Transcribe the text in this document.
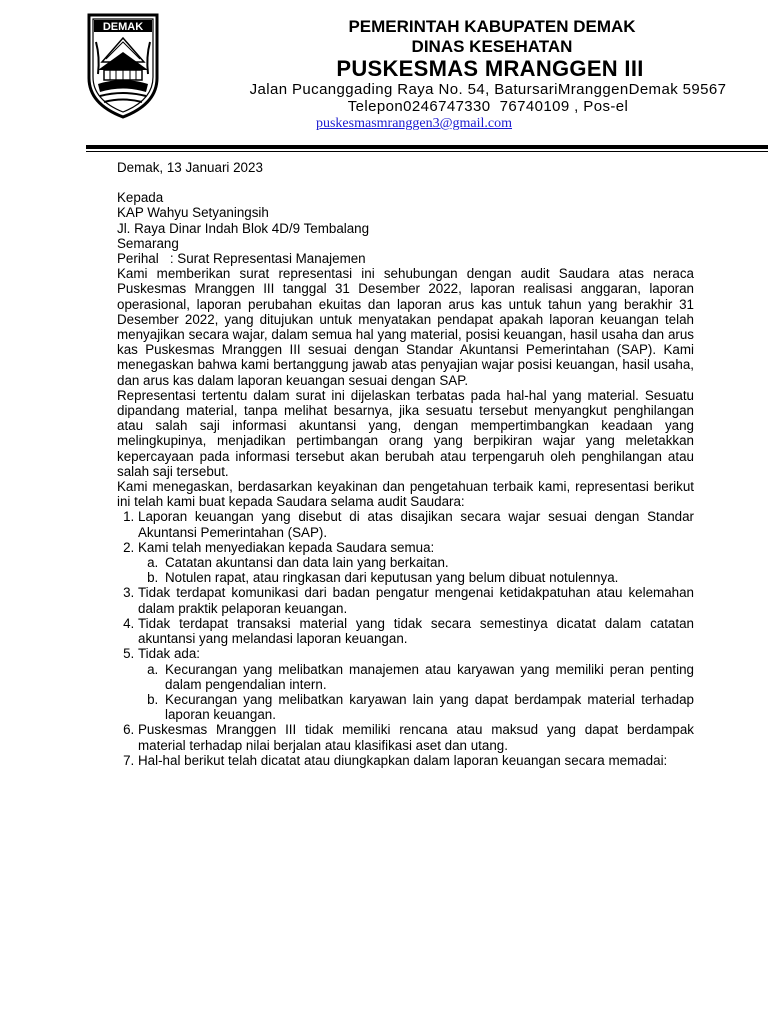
DEMAK	PEMERINTAH KABUPATEN DEMAK
DINAS KESEHATAN
PUSKESMAS MRANGGEN III
Jalan Pucanggading Raya No. 54, BatursariMranggenDemak 59567
Telepon0246747330  76740109 , Pos-el
puskesmasmranggen3@gmail.com

Demak, 13 Januari 2023

Kepada

KAP Wahyu Setyaningsih

Jl. Raya Dinar Indah Blok 4D/9 Tembalang

Semarang

Perihal : Surat Representasi Manajemen

Kami memberikan surat representasi ini sehubungan dengan audit Saudara atas neraca Puskesmas Mranggen III tanggal 31 Desember 2022, laporan realisasi anggaran, laporan operasional, laporan perubahan ekuitas dan laporan arus kas untuk tahun yang berakhir 31 Desember 2022, yang ditujukan untuk menyatakan pendapat apakah laporan keuangan telah menyajikan secara wajar, dalam semua hal yang material, posisi keuangan, hasil usaha dan arus kas Puskesmas Mranggen III sesuai dengan Standar Akuntansi Pemerintahan (SAP). Kami menegaskan bahwa kami bertanggung jawab atas penyajian wajar posisi keuangan, hasil usaha, dan arus kas dalam laporan keuangan sesuai dengan SAP.

Representasi tertentu dalam surat ini dijelaskan terbatas pada hal-hal yang material. Sesuatu dipandang material, tanpa melihat besarnya, jika sesuatu tersebut menyangkut penghilangan atau salah saji informasi akuntansi yang, dengan mempertimbangkan keadaan yang melingkupinya, menjadikan pertimbangan orang yang berpikiran wajar yang meletakkan kepercayaan pada informasi tersebut akan berubah atau terpengaruh oleh penghilangan atau salah saji tersebut.

Kami menegaskan, berdasarkan keyakinan dan pengetahuan terbaik kami, representasi berikut ini telah kami buat kepada Saudara selama audit Saudara:

1. Laporan keuangan yang disebut di atas disajikan secara wajar sesuai dengan Standar Akuntansi Pemerintahan (SAP).
2. Kami telah menyediakan kepada Saudara semua:
a. Catatan akuntansi dan data lain yang berkaitan.
b. Notulen rapat, atau ringkasan dari keputusan yang belum dibuat notulennya.
3. Tidak terdapat komunikasi dari badan pengatur mengenai ketidakpatuhan atau kelemahan dalam praktik pelaporan keuangan.
4. Tidak terdapat transaksi material yang tidak secara semestinya dicatat dalam catatan akuntansi yang melandasi laporan keuangan.
5. Tidak ada:
a. Kecurangan yang melibatkan manajemen atau karyawan yang memiliki peran penting dalam pengendalian intern.
b. Kecurangan yang melibatkan karyawan lain yang dapat berdampak material terhadap laporan keuangan.
6. Puskesmas Mranggen III tidak memiliki rencana atau maksud yang dapat berdampak material terhadap nilai berjalan atau klasifikasi aset dan utang.
7. Hal-hal berikut telah dicatat atau diungkapkan dalam laporan keuangan secara memadai:
